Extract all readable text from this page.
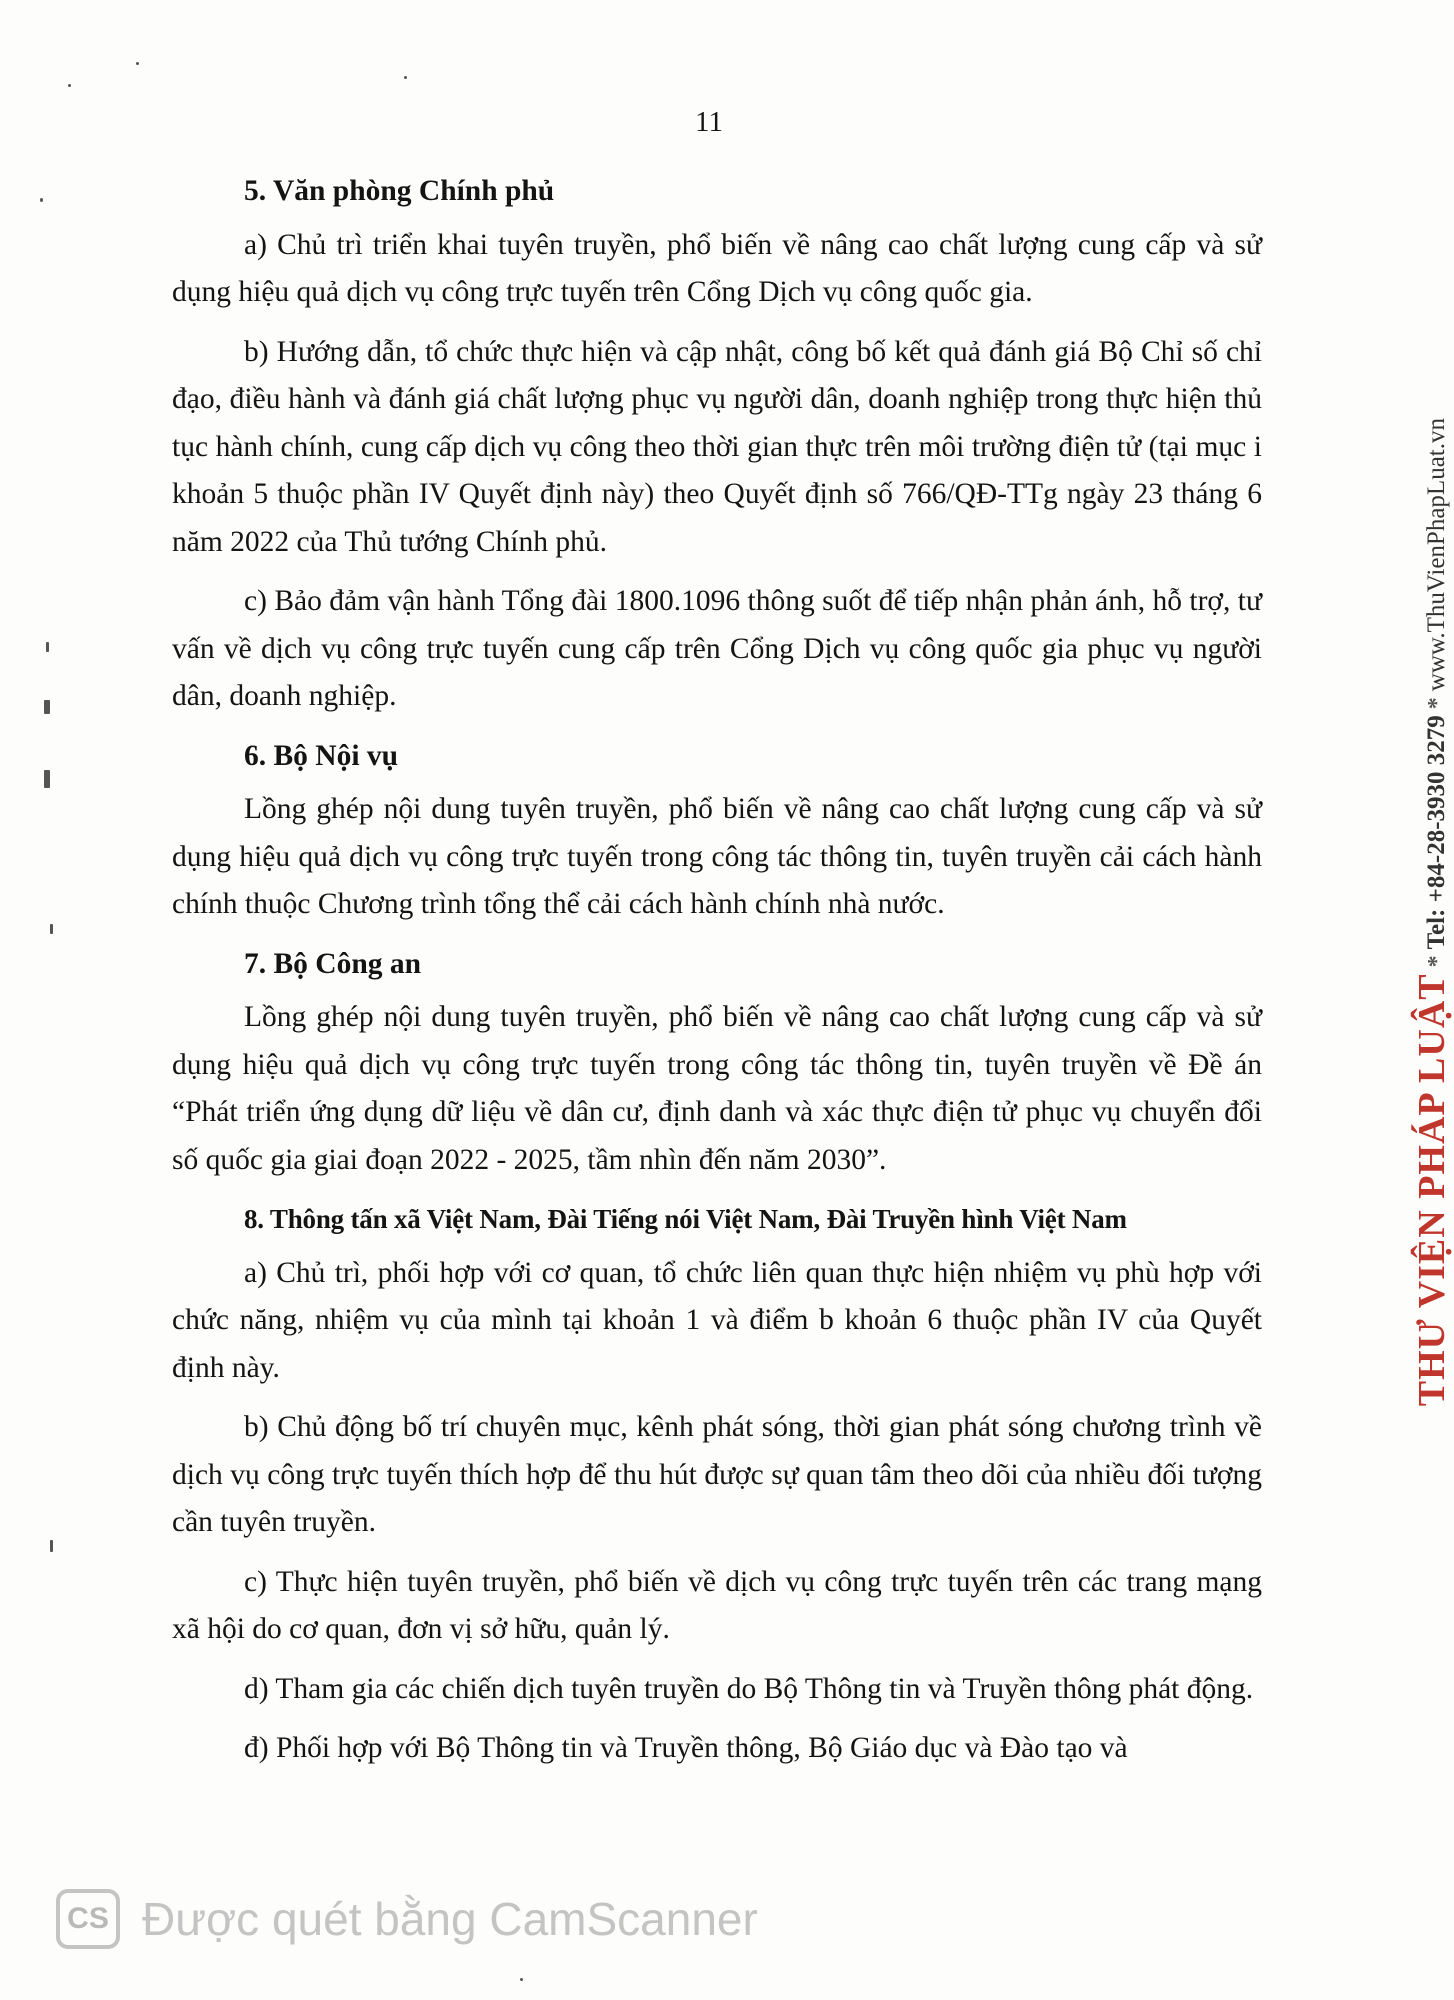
11
5. Văn phòng Chính phủ

a) Chủ trì triển khai tuyên truyền, phổ biến về nâng cao chất lượng cung cấp và sử dụng hiệu quả dịch vụ công trực tuyến trên Cổng Dịch vụ công quốc gia.

b) Hướng dẫn, tổ chức thực hiện và cập nhật, công bố kết quả đánh giá Bộ Chỉ số chỉ đạo, điều hành và đánh giá chất lượng phục vụ người dân, doanh nghiệp trong thực hiện thủ tục hành chính, cung cấp dịch vụ công theo thời gian thực trên môi trường điện tử (tại mục i khoản 5 thuộc phần IV Quyết định này) theo Quyết định số 766/QĐ-TTg ngày 23 tháng 6 năm 2022 của Thủ tướng Chính phủ.

c) Bảo đảm vận hành Tổng đài 1800.1096 thông suốt để tiếp nhận phản ánh, hỗ trợ, tư vấn về dịch vụ công trực tuyến cung cấp trên Cổng Dịch vụ công quốc gia phục vụ người dân, doanh nghiệp.

6. Bộ Nội vụ

Lồng ghép nội dung tuyên truyền, phổ biến về nâng cao chất lượng cung cấp và sử dụng hiệu quả dịch vụ công trực tuyến trong công tác thông tin, tuyên truyền cải cách hành chính thuộc Chương trình tổng thể cải cách hành chính nhà nước.

7. Bộ Công an

Lồng ghép nội dung tuyên truyền, phổ biến về nâng cao chất lượng cung cấp và sử dụng hiệu quả dịch vụ công trực tuyến trong công tác thông tin, tuyên truyền về Đề án “Phát triển ứng dụng dữ liệu về dân cư, định danh và xác thực điện tử phục vụ chuyển đổi số quốc gia giai đoạn 2022 - 2025, tầm nhìn đến năm 2030”.

8. Thông tấn xã Việt Nam, Đài Tiếng nói Việt Nam, Đài Truyền hình Việt Nam

a) Chủ trì, phối hợp với cơ quan, tổ chức liên quan thực hiện nhiệm vụ phù hợp với chức năng, nhiệm vụ của mình tại khoản 1 và điểm b khoản 6 thuộc phần IV của Quyết định này.

b) Chủ động bố trí chuyên mục, kênh phát sóng, thời gian phát sóng chương trình về dịch vụ công trực tuyến thích hợp để thu hút được sự quan tâm theo dõi của nhiều đối tượng cần tuyên truyền.

c) Thực hiện tuyên truyền, phổ biến về dịch vụ công trực tuyến trên các trang mạng xã hội do cơ quan, đơn vị sở hữu, quản lý.

d) Tham gia các chiến dịch tuyên truyền do Bộ Thông tin và Truyền thông phát động.

đ) Phối hợp với Bộ Thông tin và Truyền thông, Bộ Giáo dục và Đào tạo và

THƯ VIỆN PHÁP LUẬT
*
Tel: +84-28-3930 3279
*
www.ThuVienPhapLuat.vn
CS Được quét bằng CamScanner
